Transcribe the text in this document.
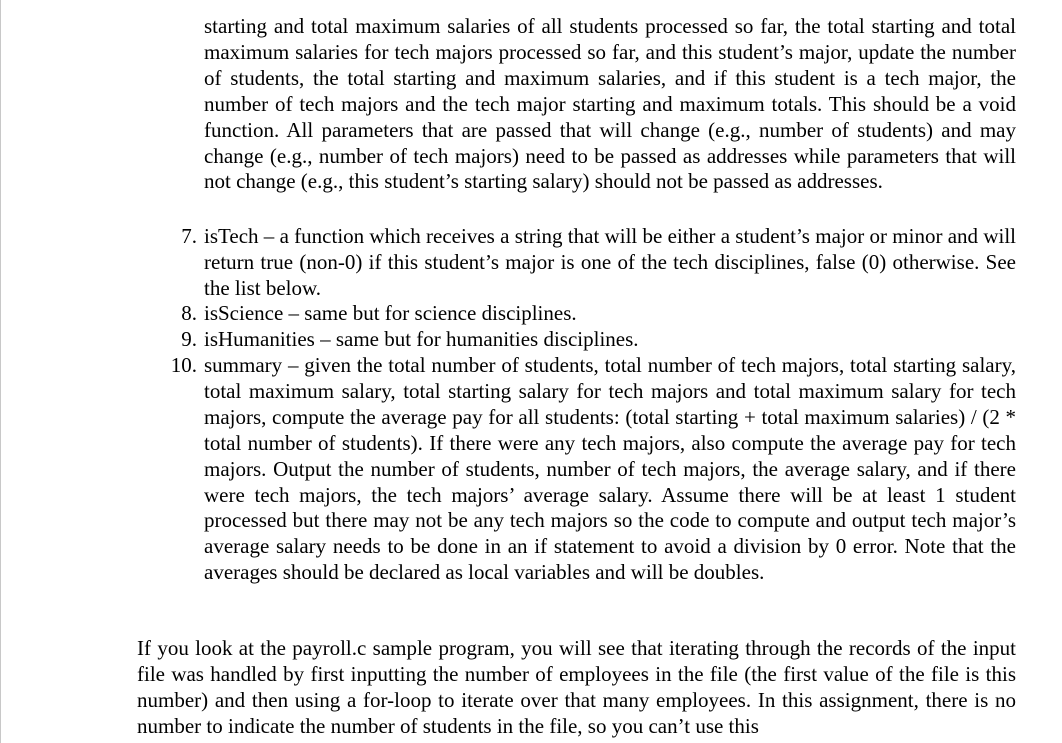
starting and total maximum salaries of all students processed so far, the total starting and total maximum salaries for tech majors processed so far, and this student’s major, update the number of students, the total starting and maximum salaries, and if this student is a tech major, the number of tech majors and the tech major starting and maximum totals. This should be a void function. All parameters that are passed that will change (e.g., number of students) and may change (e.g., number of tech majors) need to be passed as addresses while parameters that will not change (e.g., this student’s starting salary) should not be passed as addresses.

7. isTech – a function which receives a string that will be either a student’s major or minor and will return true (non-0) if this student’s major is one of the tech disciplines, false (0) otherwise. See the list below.

8. isScience – same but for science disciplines.

9. isHumanities – same but for humanities disciplines.

10. summary – given the total number of students, total number of tech majors, total starting salary, total maximum salary, total starting salary for tech majors and total maximum salary for tech majors, compute the average pay for all students: (total starting + total maximum salaries) / (2 * total number of students). If there were any tech majors, also compute the average pay for tech majors. Output the number of students, number of tech majors, the average salary, and if there were tech majors, the tech majors’ average salary. Assume there will be at least 1 student processed but there may not be any tech majors so the code to compute and output tech major’s average salary needs to be done in an if statement to avoid a division by 0 error. Note that the averages should be declared as local variables and will be doubles.

If you look at the payroll.c sample program, you will see that iterating through the records of the input file was handled by first inputting the number of employees in the file (the first value of the file is this number) and then using a for-loop to iterate over that many employees. In this assignment, there is no number to indicate the number of students in the file, so you can’t use this
